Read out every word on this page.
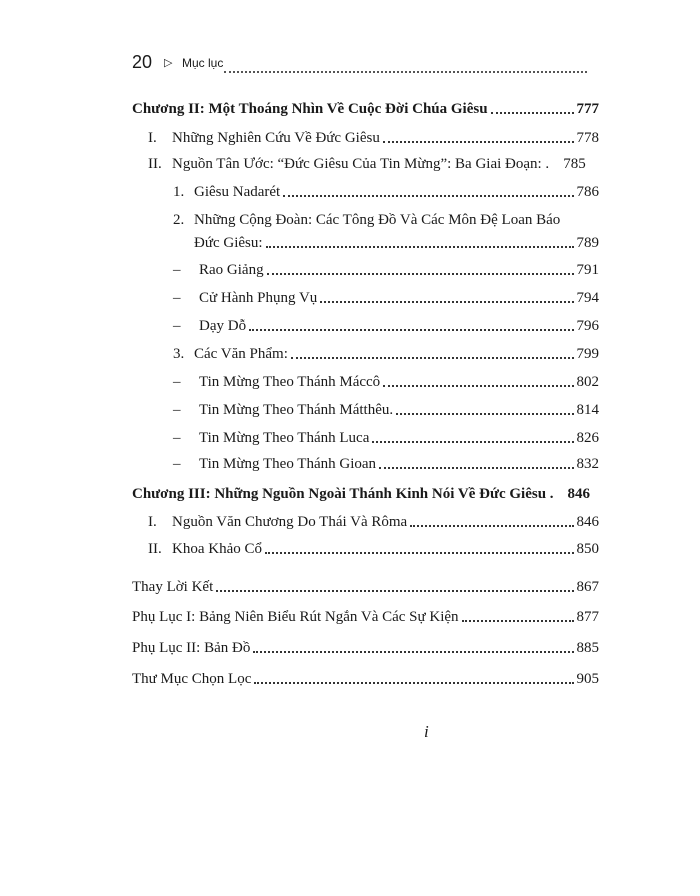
20 ▷ Mục lục
Chương II: Một Thoáng Nhìn Về Cuộc Đời Chúa Giêsu	777
I.	Những Nghiên Cứu Về Đức Giêsu	778
II. Nguồn Tân Ước: “Đức Giêsu Của Tin Mừng”: Ba Giai Đoạn: . 785
1. Giêsu Nadarét	786
2. Những Cộng Đoàn: Các Tông Đồ Và Các Môn Đệ Loan Báo
Đức Giêsu:	789
–	Rao Giảng	791
–	Cử Hành Phụng Vụ	794
–	Dạy Dỗ	796
3. Các Văn Phẩm:	799
–	Tin Mừng Theo Thánh Máccô	802
–	Tin Mừng Theo Thánh Mátthêu.	814
–	Tin Mừng Theo Thánh Luca	826
–	Tin Mừng Theo Thánh Gioan	832
Chương III: Những Nguồn Ngoài Thánh Kinh Nói Về Đức Giêsu . 846
I.	Nguồn Văn Chương Do Thái Và Rôma	846
II. Khoa Khảo Cổ	850
Thay Lời Kết	867
Phụ Lục I: Bảng Niên Biểu Rút Ngắn Và Các Sự Kiện	877
Phụ Lục II: Bản Đồ	885
Thư Mục Chọn Lọc	905
i
